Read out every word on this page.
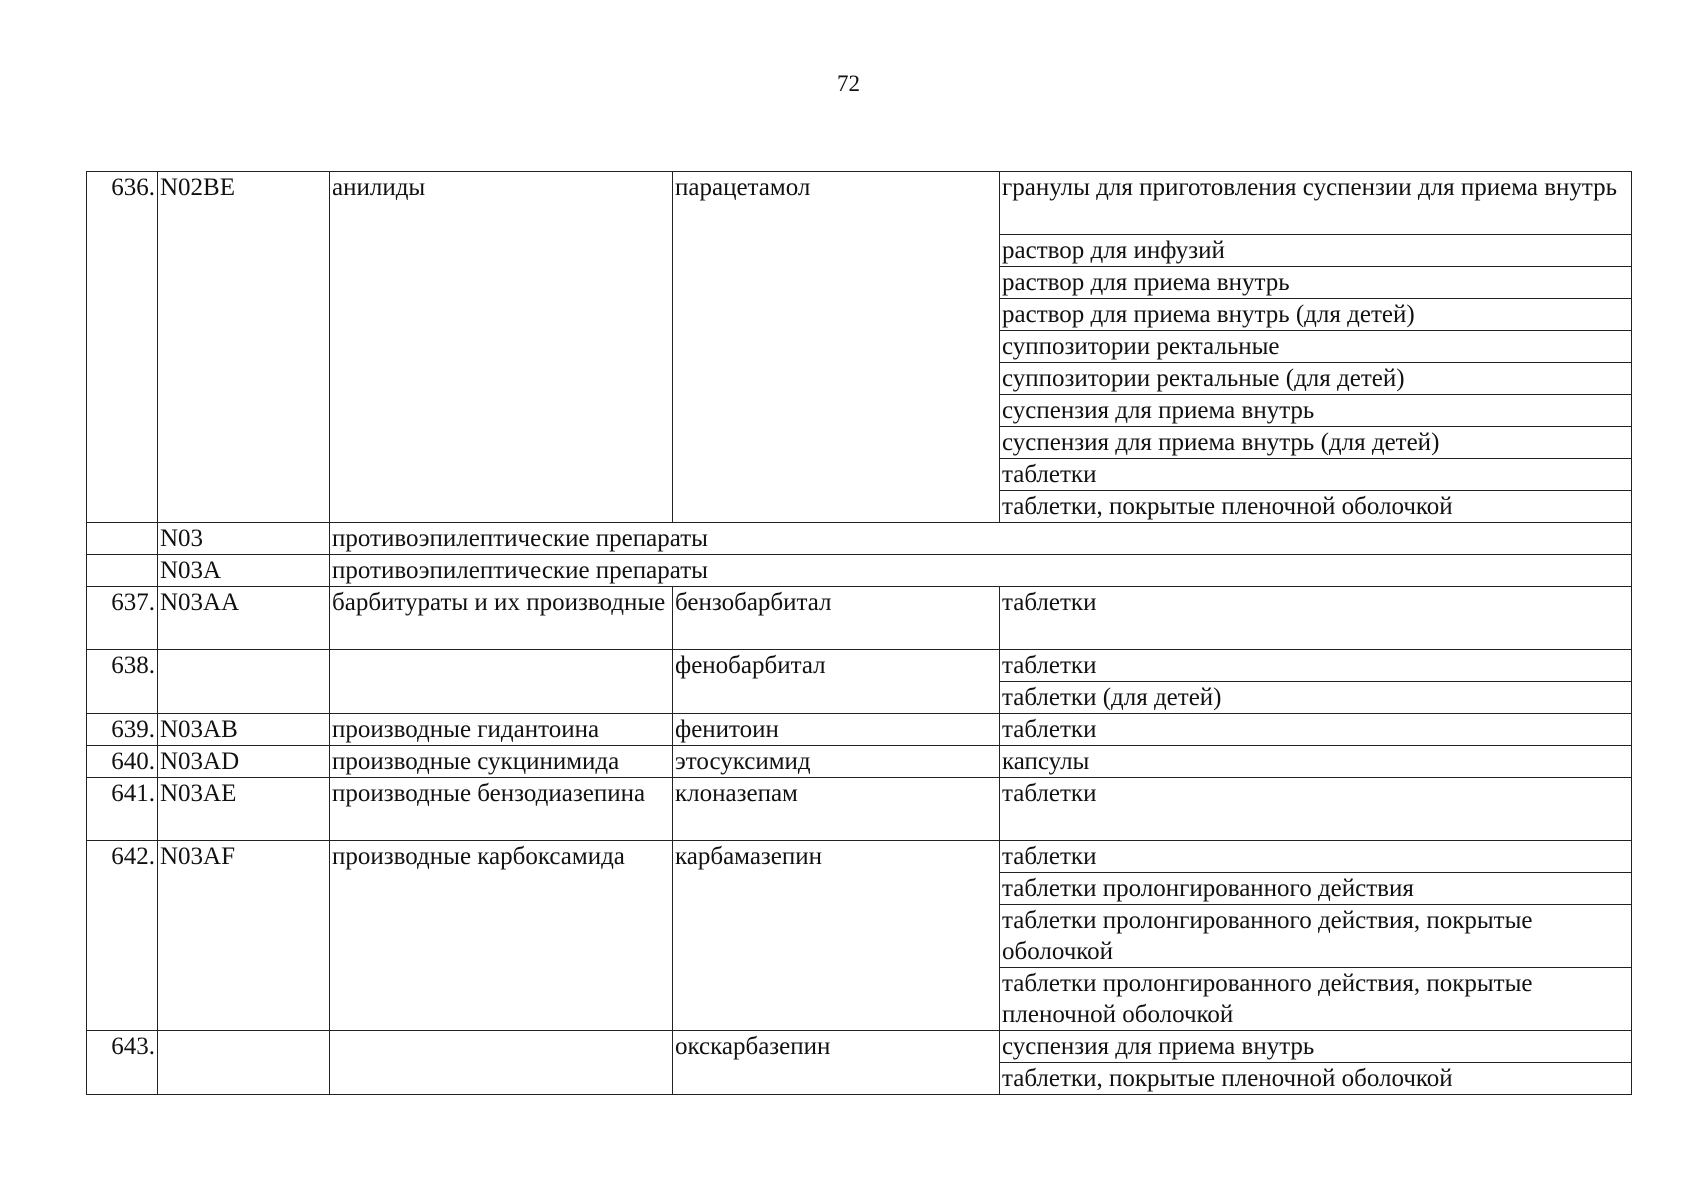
72
636.	N02BE	анилиды	парацетамол	гранулы для приготовления суспензии для приема внутрь
				раствор для инфузий
				раствор для приема внутрь
				раствор для приема внутрь (для детей)
				суппозитории ректальные
				суппозитории ректальные (для детей)
				суспензия для приема внутрь
				суспензия для приема внутрь (для детей)
				таблетки
				таблетки, покрытые пленочной оболочкой
	N03	противоэпилептические препараты		
	N03A	противоэпилептические препараты		
637.	N03AA	барбитураты и их производные	бензобарбитал	таблетки
638.			фенобарбитал	таблетки
				таблетки (для детей)
639.	N03AB	производные гидантоина	фенитоин	таблетки
640.	N03AD	производные сукцинимида	этосуксимид	капсулы
641.	N03AE	производные бензодиазепина	клоназепам	таблетки
642.	N03AF	производные карбоксамида	карбамазепин	таблетки
				таблетки пролонгированного действия
				таблетки пролонгированного действия, покрытые оболочкой
				таблетки пролонгированного действия, покрытые пленочной оболочкой
643.			окскарбазепин	суспензия для приема внутрь
				таблетки, покрытые пленочной оболочкой
